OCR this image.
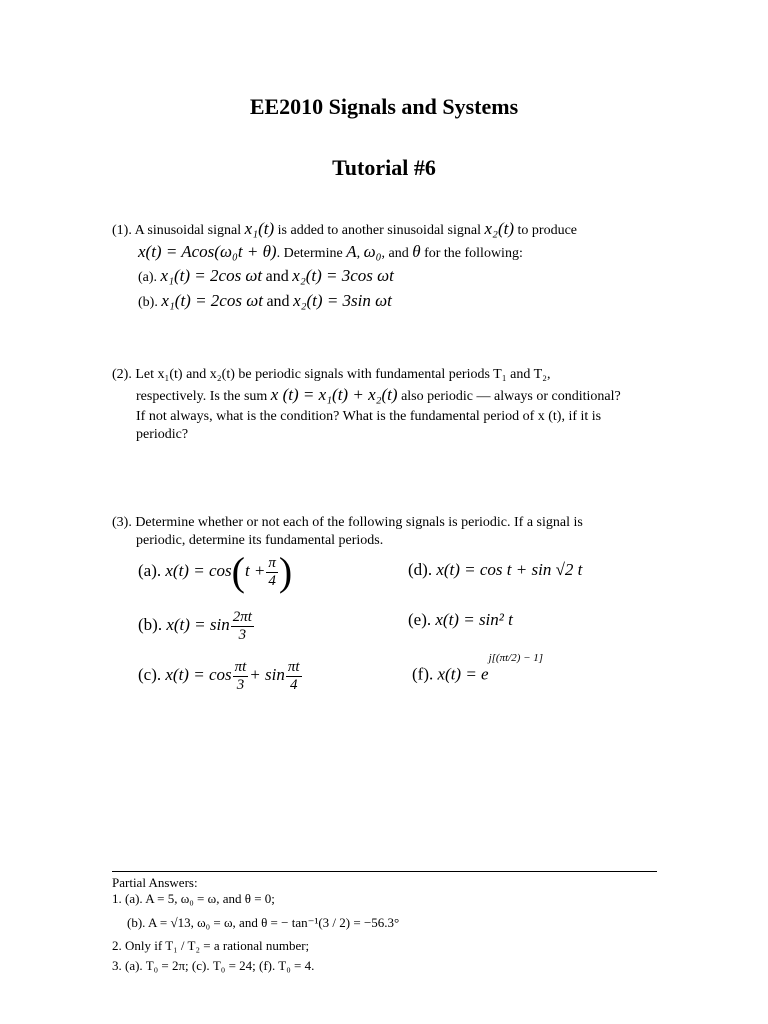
EE2010 Signals and Systems
Tutorial #6
(1). A sinusoidal signal x₁(t) is added to another sinusoidal signal x₂(t) to produce
x(t) = Acos(ω₀t + θ). Determine A, ω₀, and θ for the following:
(a). x₁(t) = 2cos ωt and x₂(t) = 3cos ωt
(b). x₁(t) = 2cos ωt and x₂(t) = 3sin ωt
(2). Let x₁(t) and x₂(t) be periodic signals with fundamental periods T₁ and T₂,
respectively. Is the sum x (t) = x₁(t) + x₂(t) also periodic — always or conditional?
If not always, what is the condition? What is the fundamental period of x (t), if it is
periodic?
(3). Determine whether or not each of the following signals is periodic. If a signal is
periodic, determine its fundamental periods.
(a). $x(t) = \cos(t + \frac{\pi}{4}$ )
(b). $x(t) = \sin \frac{2\pi t}{3}$
(c). $x(t) = \cos \frac{\pi t}{3} + \sin \frac{\pi t}{4}$
(d). x(t) = cos t + sin √2 t
(e). x(t) = sin² t
(f). $x(t) = e^{j[(\pi t/2) - 1]}$
Partial Answers:
1. (a). A = 5, ω₀ = ω, and θ = 0;
(b). A = √13, ω₀ = ω, and θ = − tan⁻¹(3 / 2) = −56.3°
2. Only if T₁ / T₂ = a rational number;
3. (a). T₀ = 2π; (c). T₀ = 24; (f). T₀ = 4.
